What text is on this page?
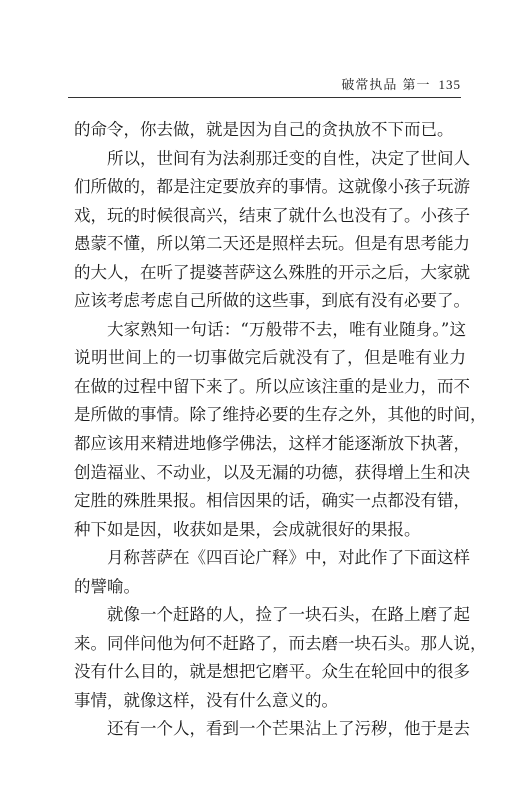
破常执品 第一 135
的命令，你去做，就是因为自己的贪执放不下而已。
所以，世间有为法刹那迁变的自性，决定了世间人
们所做的，都是注定要放弃的事情。这就像小孩子玩游
戏，玩的时候很高兴，结束了就什么也没有了。小孩子
愚蒙不懂，所以第二天还是照样去玩。但是有思考能力
的大人，在听了提婆菩萨这么殊胜的开示之后，大家就
应该考虑考虑自己所做的这些事，到底有没有必要了。
大家熟知一句话：“万般带不去，唯有业随身。”这
说明世间上的一切事做完后就没有了，但是唯有业力
在做的过程中留下来了。所以应该注重的是业力，而不
是所做的事情。除了维持必要的生存之外，其他的时间，
都应该用来精进地修学佛法，这样才能逐渐放下执著，
创造福业、不动业，以及无漏的功德，获得增上生和决
定胜的殊胜果报。相信因果的话，确实一点都没有错，
种下如是因，收获如是果，会成就很好的果报。
月称菩萨在《四百论广释》中，对此作了下面这样
的譬喻。
就像一个赶路的人，捡了一块石头，在路上磨了起
来。同伴问他为何不赶路了，而去磨一块石头。那人说，
没有什么目的，就是想把它磨平。众生在轮回中的很多
事情，就像这样，没有什么意义的。
还有一个人，看到一个芒果沾上了污秽，他于是去
